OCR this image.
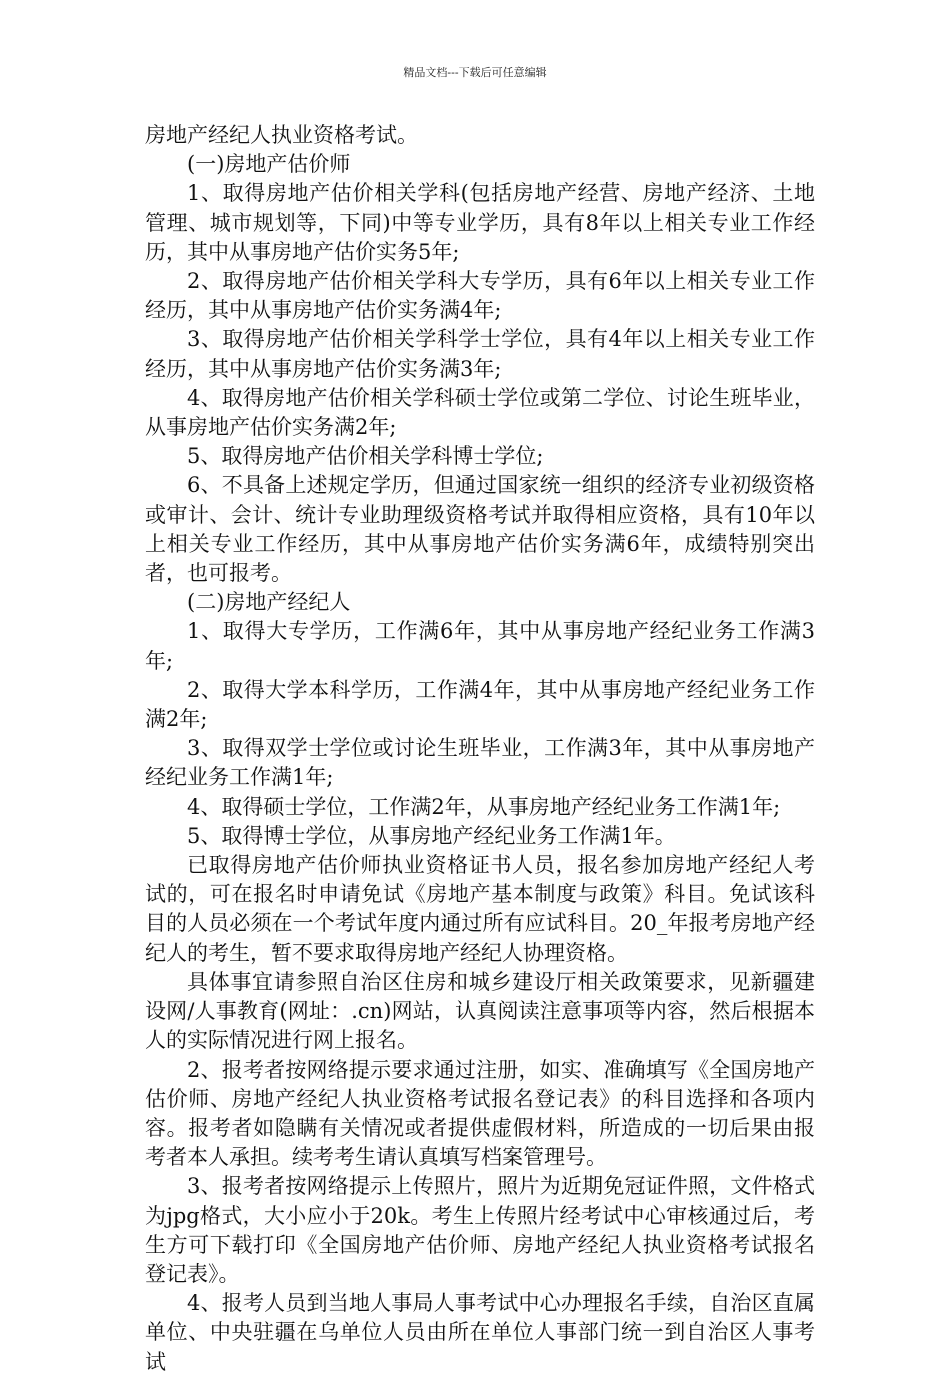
精品文档---下载后可任意编辑

房地产经纪人执业资格考试。

(一)房地产估价师

1、取得房地产估价相关学科(包括房地产经营、房地产经济、土地管理、城市规划等，下同)中等专业学历，具有8年以上相关专业工作经历，其中从事房地产估价实务5年;

2、取得房地产估价相关学科大专学历，具有6年以上相关专业工作经历，其中从事房地产估价实务满4年;

3、取得房地产估价相关学科学士学位，具有4年以上相关专业工作经历，其中从事房地产估价实务满3年;

4、取得房地产估价相关学科硕士学位或第二学位、讨论生班毕业，从事房地产估价实务满2年;

5、取得房地产估价相关学科博士学位;

6、不具备上述规定学历，但通过国家统一组织的经济专业初级资格或审计、会计、统计专业助理级资格考试并取得相应资格，具有10年以上相关专业工作经历，其中从事房地产估价实务满6年，成绩特别突出者，也可报考。

(二)房地产经纪人

1、取得大专学历，工作满6年，其中从事房地产经纪业务工作满3年;

2、取得大学本科学历，工作满4年，其中从事房地产经纪业务工作满2年;

3、取得双学士学位或讨论生班毕业，工作满3年，其中从事房地产经纪业务工作满1年;

4、取得硕士学位，工作满2年，从事房地产经纪业务工作满1年;

5、取得博士学位，从事房地产经纪业务工作满1年。

已取得房地产估价师执业资格证书人员，报名参加房地产经纪人考试的，可在报名时申请免试《房地产基本制度与政策》科目。免试该科目的人员必须在一个考试年度内通过所有应试科目。20_年报考房地产经纪人的考生，暂不要求取得房地产经纪人协理资格。

具体事宜请参照自治区住房和城乡建设厅相关政策要求，见新疆建设网/人事教育(网址：.cn)网站，认真阅读注意事项等内容，然后根据本人的实际情况进行网上报名。

2、报考者按网络提示要求通过注册，如实、准确填写《全国房地产估价师、房地产经纪人执业资格考试报名登记表》的科目选择和各项内容。报考者如隐瞒有关情况或者提供虚假材料，所造成的一切后果由报考者本人承担。续考考生请认真填写档案管理号。

3、报考者按网络提示上传照片，照片为近期免冠证件照，文件格式为jpg格式，大小应小于20k。考生上传照片经考试中心审核通过后，考生方可下载打印《全国房地产估价师、房地产经纪人执业资格考试报名登记表》。

4、报考人员到当地人事局人事考试中心办理报名手续，自治区直属单位、中央驻疆在乌单位人员由所在单位人事部门统一到自治区人事考试
